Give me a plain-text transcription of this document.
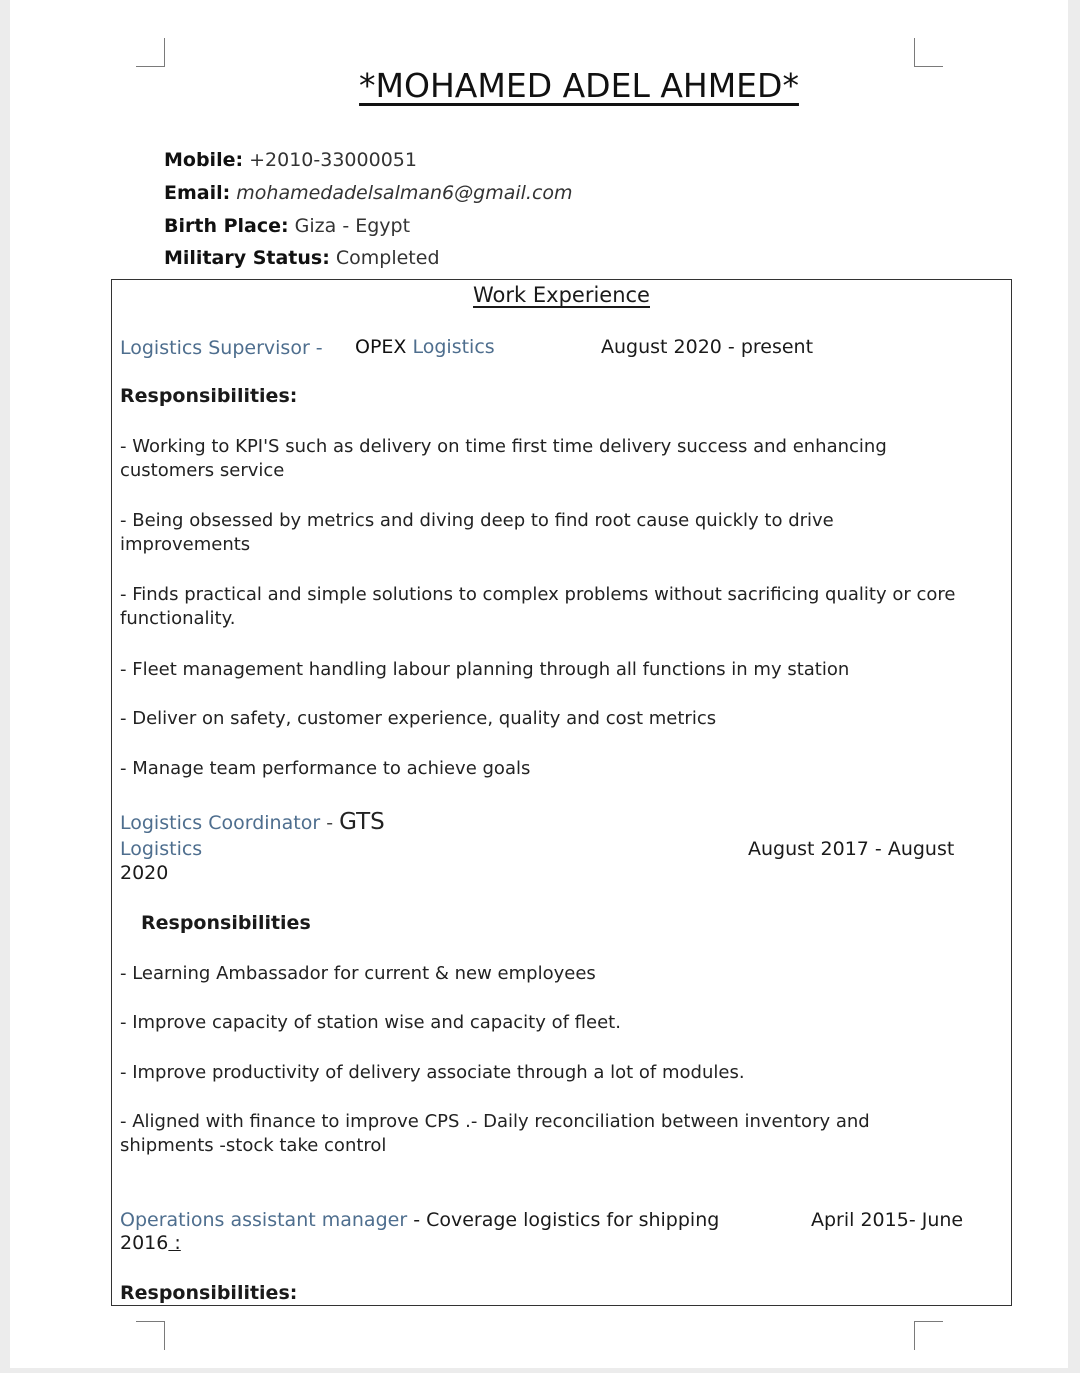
*MOHAMED ADEL AHMED*
Mobile: +2010-33000051
Email: mohamedadelsalman6@gmail.com
Birth Place: Giza - Egypt
Military Status: Completed
Work Experience
Logistics Supervisor - OPEX Logistics	August 2020 - present
Responsibilities:
- Working to KPI'S such as delivery on time first time delivery success and enhancing customers service
- Being obsessed by metrics and diving deep to find root cause quickly to drive improvements
- Finds practical and simple solutions to complex problems without sacrificing quality or core functionality.
- Fleet management handling labour planning through all functions in my station
- Deliver on safety, customer experience, quality and cost metrics
- Manage team performance to achieve goals
Logistics Coordinator - GTS
Logistics	August 2017 - August
2020
Responsibilities
- Learning Ambassador for current & new employees
- Improve capacity of station wise and capacity of fleet.
- Improve productivity of delivery associate through a lot of modules.
- Aligned with finance to improve CPS .- Daily reconciliation between inventory and shipments -stock take control
Operations assistant manager - Coverage logistics for shipping	April 2015- June
2016 :
Responsibilities:
